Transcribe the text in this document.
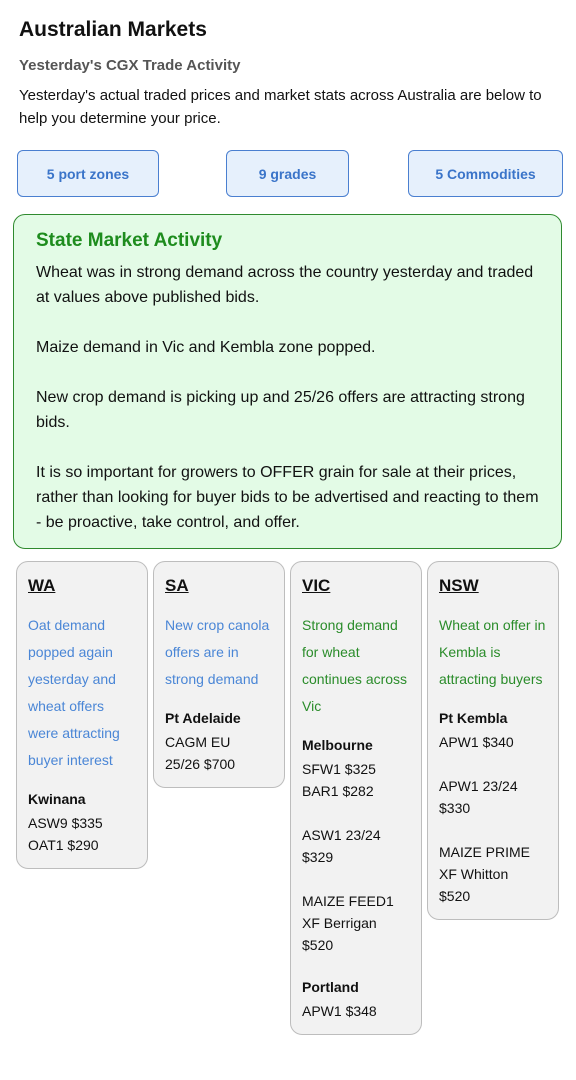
Australian Markets
Yesterday's CGX Trade Activity
Yesterday's actual traded prices and market stats across Australia are below to help you determine your price.
5 port zones	9 grades	5 Commodities
State Market Activity

Wheat was in strong demand across the country yesterday and traded at values above published bids.

Maize demand in Vic and Kembla zone popped.

New crop demand is picking up and 25/26 offers are attracting strong bids.

It is so important for growers to OFFER grain for sale at their prices, rather than looking for buyer bids to be advertised and reacting to them - be proactive, take control, and offer.

WA
Oat demand popped again yesterday and wheat offers were attracting buyer interest
Kwinana
ASW9 $335
OAT1 $290
SA
New crop canola offers are in strong demand
Pt Adelaide
CAGM EU
25/26 $700
VIC
Strong demand for wheat continues across Vic
Melbourne
SFW1 $325
BAR1 $282
ASW1 23/24
$329
MAIZE FEED1
XF Berrigan
$520
Portland
APW1 $348
NSW
Wheat on offer in Kembla is attracting buyers
Pt Kembla
APW1 $340
APW1 23/24
$330
MAIZE PRIME
XF Whitton
$520
